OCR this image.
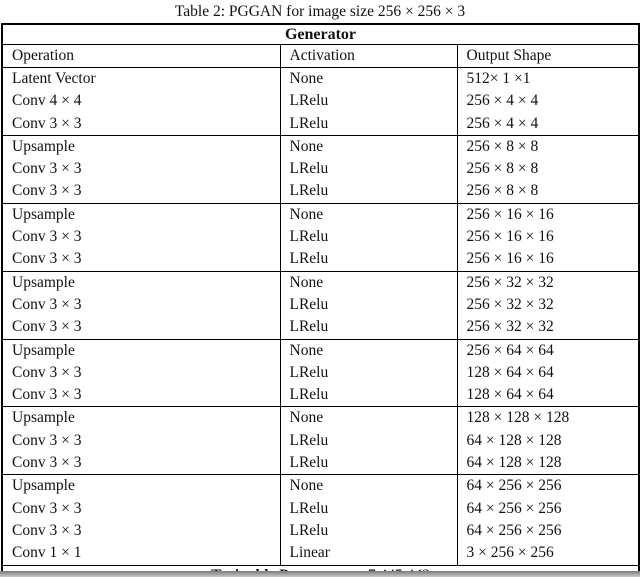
Table 2: PGGAN for image size 256 × 256 × 3
Generator		
Operation	Activation	Output Shape
Latent Vector	None	512× 1 ×1
Conv 4 × 4	LRelu	256 × 4 × 4
Conv 3 × 3	LRelu	256 × 4 × 4
Upsample	None	256 × 8 × 8
Conv 3 × 3	LRelu	256 × 8 × 8
Conv 3 × 3	LRelu	256 × 8 × 8
Upsample	None	256 × 16 × 16
Conv 3 × 3	LRelu	256 × 16 × 16
Conv 3 × 3	LRelu	256 × 16 × 16
Upsample	None	256 × 32 × 32
Conv 3 × 3	LRelu	256 × 32 × 32
Conv 3 × 3	LRelu	256 × 32 × 32
Upsample	None	256 × 64 × 64
Conv 3 × 3	LRelu	128 × 64 × 64
Conv 3 × 3	LRelu	128 × 64 × 64
Upsample	None	128 × 128 × 128
Conv 3 × 3	LRelu	64 × 128 × 128
Conv 3 × 3	LRelu	64 × 128 × 128
Upsample	None	64 × 256 × 256
Conv 3 × 3	LRelu	64 × 256 × 256
Conv 3 × 3	LRelu	64 × 256 × 256
Conv 1 × 1	Linear	3 × 256 × 256
